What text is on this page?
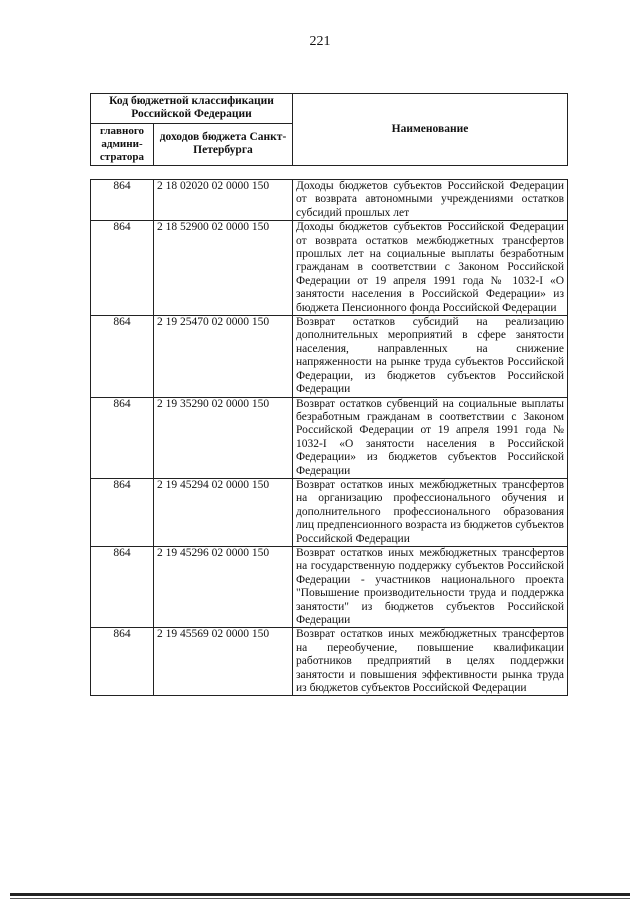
221
Код бюджетной классификации Российской Федерации		Наименование
главного админи-стратора	доходов бюджета Санкт-Петербурга	
864	2 18 02020 02 0000 150	Доходы бюджетов субъектов Российской Федерации от возврата автономными учреждениями остатков субсидий прошлых лет
864	2 18 52900 02 0000 150	Доходы бюджетов субъектов Российской Федерации от возврата остатков межбюджетных трансфертов прошлых лет на социальные выплаты безработным гражданам в соответствии с Законом Российской Федерации от 19 апреля 1991 года № 1032-I «О занятости населения в Российской Федерации» из бюджета Пенсионного фонда Российской Федерации
864	2 19 25470 02 0000 150	Возврат остатков субсидий на реализацию дополнительных мероприятий в сфере занятости населения, направленных на снижение напряженности на рынке труда субъектов Российской Федерации, из бюджетов субъектов Российской Федерации
864	2 19 35290 02 0000 150	Возврат остатков субвенций на социальные выплаты безработным гражданам в соответствии с Законом Российской Федерации от 19 апреля 1991 года № 1032-I «О занятости населения в Российской Федерации» из бюджетов субъектов Российской Федерации
864	2 19 45294 02 0000 150	Возврат остатков иных межбюджетных трансфертов на организацию профессионального обучения и дополнительного профессионального образования лиц предпенсионного возраста из бюджетов субъектов Российской Федерации
864	2 19 45296 02 0000 150	Возврат остатков иных межбюджетных трансфертов на государственную поддержку субъектов Российской Федерации - участников национального проекта "Повышение производительности труда и поддержка занятости" из бюджетов субъектов Российской Федерации
864	2 19 45569 02 0000 150	Возврат остатков иных межбюджетных трансфертов на переобучение, повышение квалификации работников предприятий в целях поддержки занятости и повышения эффективности рынка труда из бюджетов субъектов Российской Федерации
